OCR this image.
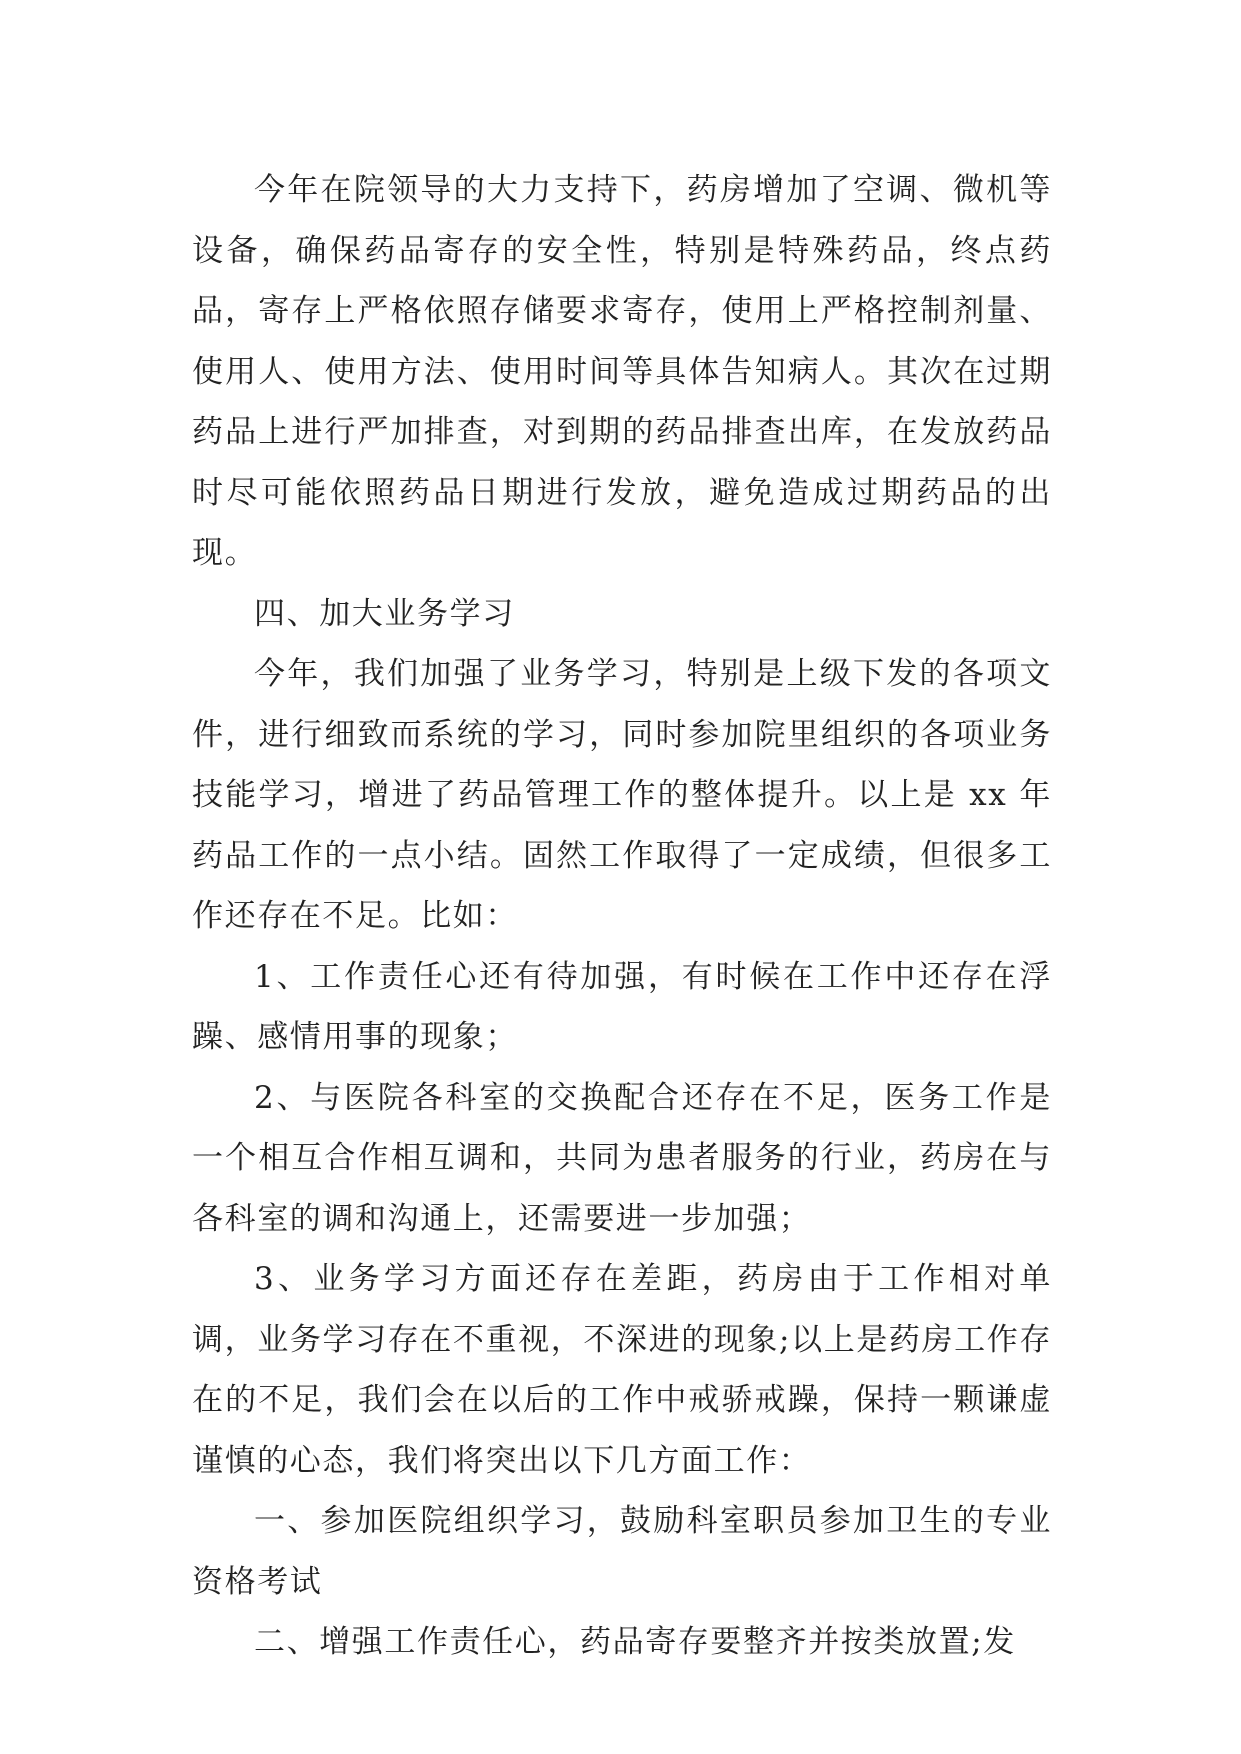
今年在院领导的大力支持下，药房增加了空调、微机等设备，确保药品寄存的安全性，特别是特殊药品，终点药品，寄存上严格依照存储要求寄存，使用上严格控制剂量、使用人、使用方法、使用时间等具体告知病人。其次在过期药品上进行严加排查，对到期的药品排查出库，在发放药品时尽可能依照药品日期进行发放，避免造成过期药品的出现。

四、加大业务学习

今年，我们加强了业务学习，特别是上级下发的各项文件，进行细致而系统的学习，同时参加院里组织的各项业务技能学习，增进了药品管理工作的整体提升。以上是 xx 年药品工作的一点小结。固然工作取得了一定成绩，但很多工作还存在不足。比如：

1、工作责任心还有待加强，有时候在工作中还存在浮躁、感情用事的现象；

2、与医院各科室的交换配合还存在不足，医务工作是一个相互合作相互调和，共同为患者服务的行业，药房在与各科室的调和沟通上，还需要进一步加强；

3、业务学习方面还存在差距，药房由于工作相对单调，业务学习存在不重视，不深进的现象;以上是药房工作存在的不足，我们会在以后的工作中戒骄戒躁，保持一颗谦虚谨慎的心态，我们将突出以下几方面工作：

一、参加医院组织学习，鼓励科室职员参加卫生的专业资格考试

二、增强工作责任心，药品寄存要整齐并按类放置;发
